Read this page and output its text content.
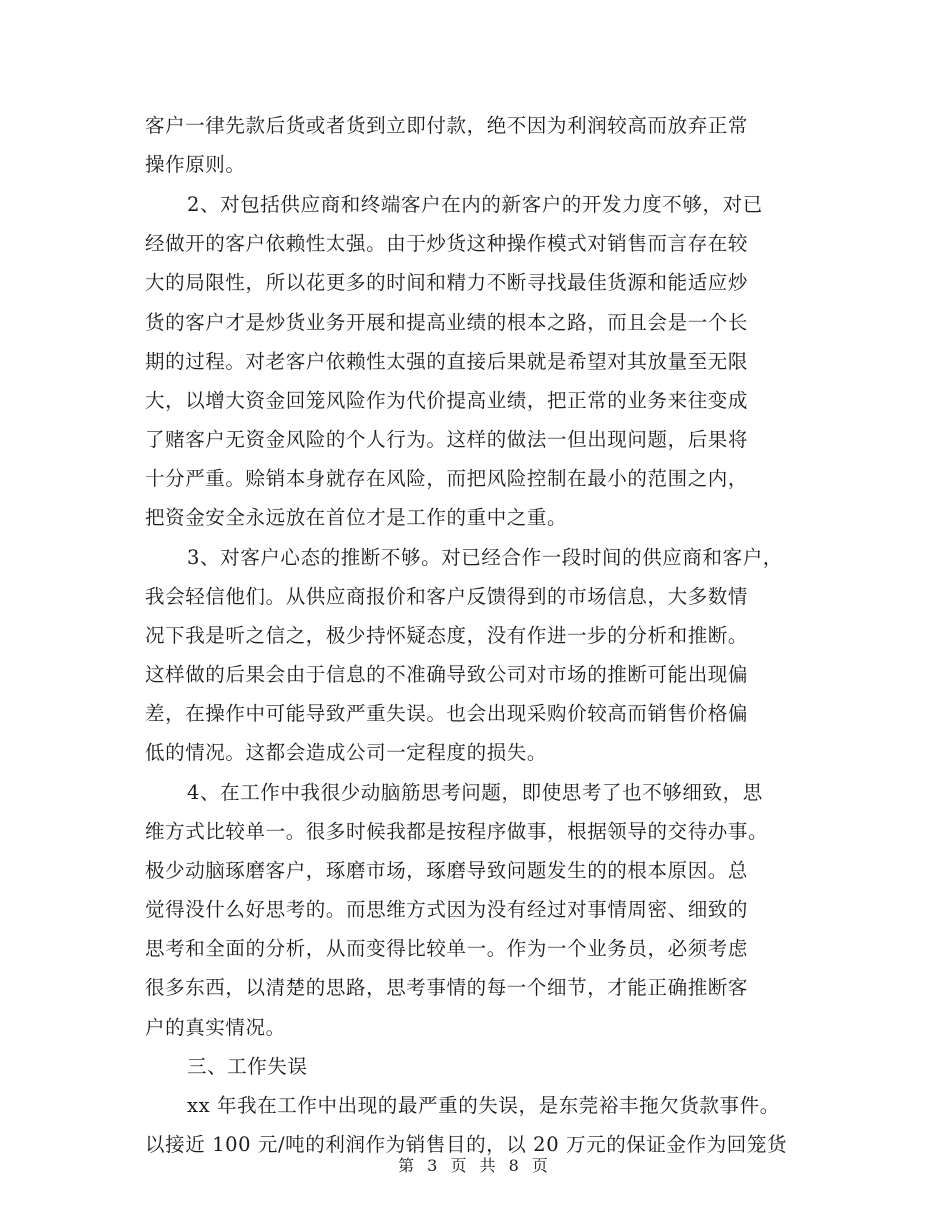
客户一律先款后货或者货到立即付款，绝不因为利润较高而放弃正常
操作原则。
2、对包括供应商和终端客户在内的新客户的开发力度不够，对已
经做开的客户依赖性太强。由于炒货这种操作模式对销售而言存在较
大的局限性，所以花更多的时间和精力不断寻找最佳货源和能适应炒
货的客户才是炒货业务开展和提高业绩的根本之路，而且会是一个长
期的过程。对老客户依赖性太强的直接后果就是希望对其放量至无限
大，以增大资金回笼风险作为代价提高业绩，把正常的业务来往变成
了赌客户无资金风险的个人行为。这样的做法一但出现问题，后果将
十分严重。赊销本身就存在风险，而把风险控制在最小的范围之内，
把资金安全永远放在首位才是工作的重中之重。
3、对客户心态的推断不够。对已经合作一段时间的供应商和客户，
我会轻信他们。从供应商报价和客户反馈得到的市场信息，大多数情
况下我是听之信之，极少持怀疑态度，没有作进一步的分析和推断。
这样做的后果会由于信息的不准确导致公司对市场的推断可能出现偏
差，在操作中可能导致严重失误。也会出现采购价较高而销售价格偏
低的情况。这都会造成公司一定程度的损失。
4、在工作中我很少动脑筋思考问题，即使思考了也不够细致，思
维方式比较单一。很多时候我都是按程序做事，根据领导的交待办事。
极少动脑琢磨客户，琢磨市场，琢磨导致问题发生的的根本原因。总
觉得没什么好思考的。而思维方式因为没有经过对事情周密、细致的
思考和全面的分析，从而变得比较单一。作为一个业务员，必须考虑
很多东西，以清楚的思路，思考事情的每一个细节，才能正确推断客
户的真实情况。
三、工作失误
xx 年我在工作中出现的最严重的失误，是东莞裕丰拖欠货款事件。
以接近 100 元/吨的利润作为销售目的，以 20 万元的保证金作为回笼货
第 3 页 共 8 页
